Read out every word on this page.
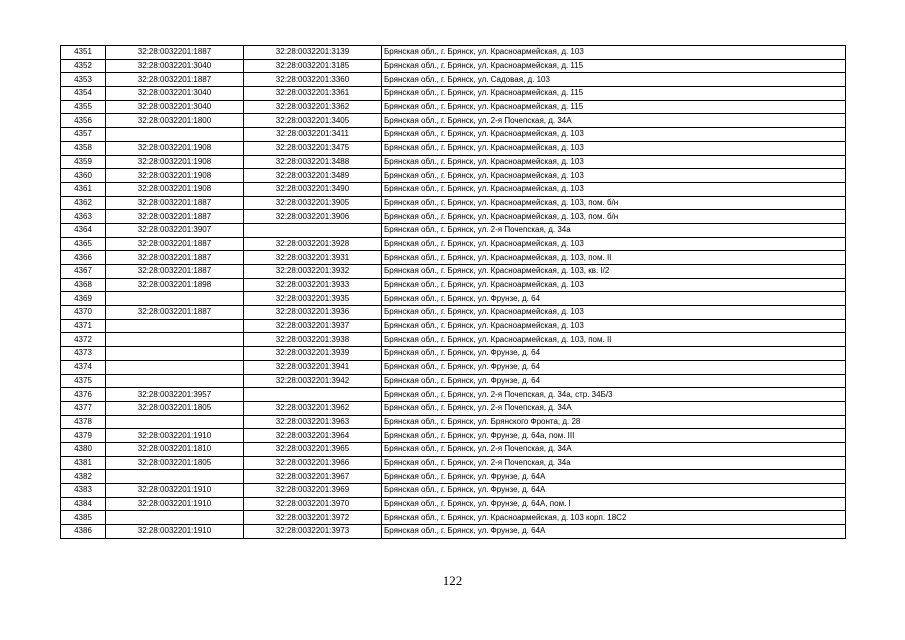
4351	32:28:0032201:1887	32:28:0032201:3139	Брянская обл., г. Брянск, ул. Красноармейская, д. 103
4352	32:28:0032201:3040	32:28:0032201:3185	Брянская обл., г. Брянск, ул. Красноармейская, д. 115
4353	32:28:0032201:1887	32:28:0032201:3360	Брянская обл., г. Брянск, ул. Садовая, д. 103
4354	32:28:0032201:3040	32:28:0032201:3361	Брянская обл., г. Брянск, ул. Красноармейская, д. 115
4355	32:28:0032201:3040	32:28:0032201:3362	Брянская обл., г. Брянск, ул. Красноармейская, д. 115
4356	32:28:0032201:1800	32:28:0032201:3405	Брянская обл., г. Брянск, ул. 2-я Почепская, д. 34А
4357		32:28:0032201:3411	Брянская обл., г. Брянск, ул. Красноармейская, д. 103
4358	32:28:0032201:1908	32:28:0032201:3475	Брянская обл., г. Брянск, ул. Красноармейская, д. 103
4359	32:28:0032201:1908	32:28:0032201:3488	Брянская обл., г. Брянск, ул. Красноармейская, д. 103
4360	32:28:0032201:1908	32:28:0032201:3489	Брянская обл., г. Брянск, ул. Красноармейская, д. 103
4361	32:28:0032201:1908	32:28:0032201:3490	Брянская обл., г. Брянск, ул. Красноармейская, д. 103
4362	32:28:0032201:1887	32:28:0032201:3905	Брянская обл., г. Брянск, ул. Красноармейская, д. 103, пом. б/н
4363	32:28:0032201:1887	32:28:0032201:3906	Брянская обл., г. Брянск, ул. Красноармейская, д. 103, пом. б/н
4364	32:28:0032201:3907		Брянская обл., г. Брянск, ул. 2-я Почепская, д. 34а
4365	32:28:0032201:1887	32:28:0032201:3928	Брянская обл., г. Брянск, ул. Красноармейская, д. 103
4366	32:28:0032201:1887	32:28:0032201:3931	Брянская обл., г. Брянск, ул. Красноармейская, д. 103, пом. II
4367	32:28:0032201:1887	32:28:0032201:3932	Брянская обл., г. Брянск, ул. Красноармейская, д. 103, кв. I/2
4368	32:28:0032201:1898	32:28:0032201:3933	Брянская обл., г. Брянск, ул. Красноармейская, д. 103
4369		32:28:0032201:3935	Брянская обл., г. Брянск, ул. Фрунзе, д. 64
4370	32:28:0032201:1887	32:28:0032201:3936	Брянская обл., г. Брянск, ул. Красноармейская, д. 103
4371		32:28:0032201:3937	Брянская обл., г. Брянск, ул. Красноармейская, д. 103
4372		32:28:0032201:3938	Брянская обл., г. Брянск, ул. Красноармейская, д. 103, пом. II
4373		32:28:0032201:3939	Брянская обл., г. Брянск, ул. Фрунзе, д. 64
4374		32:28:0032201:3941	Брянская обл., г. Брянск, ул. Фрунзе, д. 64
4375		32:28:0032201:3942	Брянская обл., г. Брянск, ул. Фрунзе, д. 64
4376	32:28:0032201:3957		Брянская обл., г. Брянск, ул. 2-я Почепская, д. 34а, стр. 34Б/3
4377	32:28:0032201:1805	32:28:0032201:3962	Брянская обл., г. Брянск, ул. 2-я Почепская, д. 34А
4378		32:28:0032201:3963	Брянская обл., г. Брянск, ул. Брянского Фронта, д. 28
4379	32:28:0032201:1910	32:28:0032201:3964	Брянская обл., г. Брянск, ул. Фрунзе, д. 64а, пом. III
4380	32:28:0032201:1810	32:28:0032201:3965	Брянская обл., г. Брянск, ул. 2-я Почепская, д. 34А
4381	32:28:0032201:1805	32:28:0032201:3966	Брянская обл., г. Брянск, ул. 2-я Почепская, д. 34а
4382		32:28:0032201:3967	Брянская обл., г. Брянск, ул. Фрунзе, д. 64А
4383	32:28:0032201:1910	32:28:0032201:3969	Брянская обл., г. Брянск, ул. Фрунзе, д. 64А
4384	32:28:0032201:1910	32:28:0032201:3970	Брянская обл., г. Брянск, ул. Фрунзе, д. 64А, пом. I
4385		32:28:0032201:3972	Брянская обл., г. Брянск, ул. Красноармейская, д. 103 корп. 18С2
4386	32:28:0032201:1910	32:28:0032201:3973	Брянская обл., г. Брянск, ул. Фрунзе, д. 64А
122
